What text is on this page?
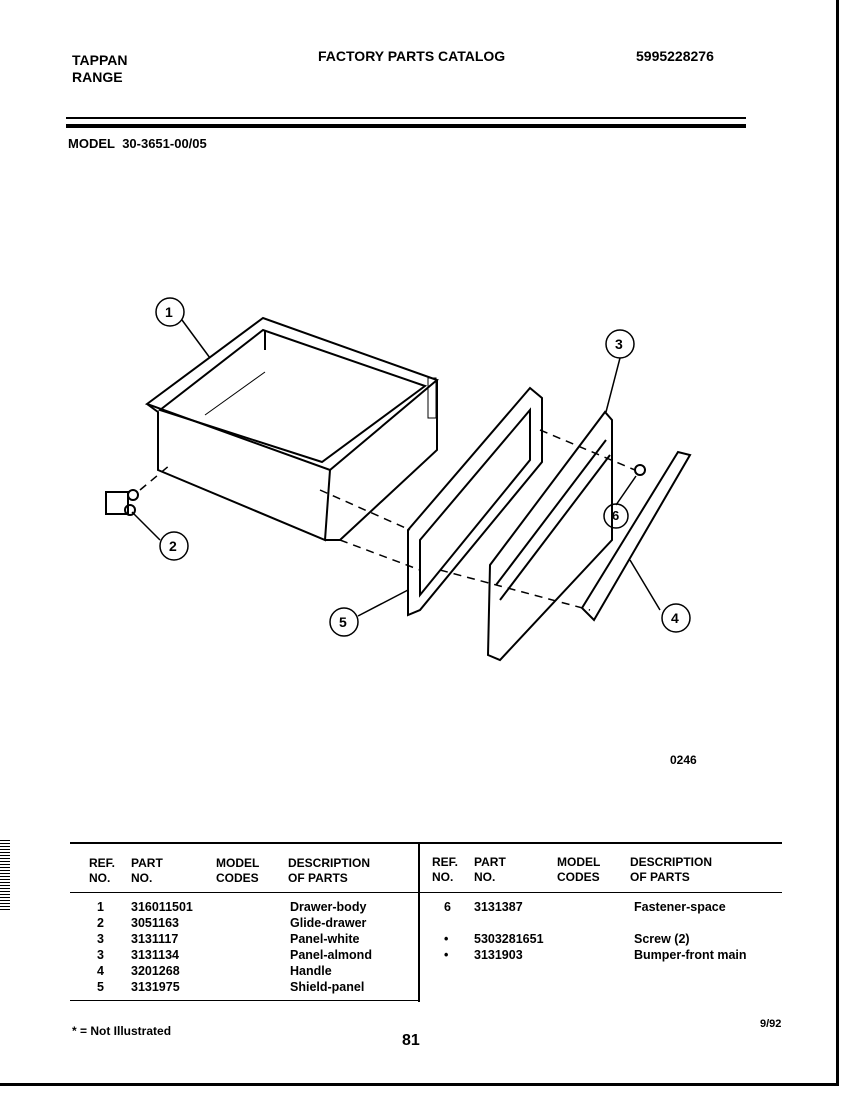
TAPPAN
RANGE
FACTORY PARTS CATALOG	5995228276
MODEL 30-3651-00/05
1
2
3
4
5
6
0246
REF.
NO.
PART
NO.
MODEL
CODES
DESCRIPTION
OF PARTS
REF.
NO.
PART
NO.
MODEL
CODES
DESCRIPTION
OF PARTS
1 316011501	Drawer-body
2 3051163	Glide-drawer
3 3131117	Panel-white
3 3131134	Panel-almond
4 3201268	Handle
5 3131975	Shield-panel
6 3131387	Fastener-space
• 5303281651	Screw (2)
• 3131903	Bumper-front main
* = Not Illustrated
81
9/92
